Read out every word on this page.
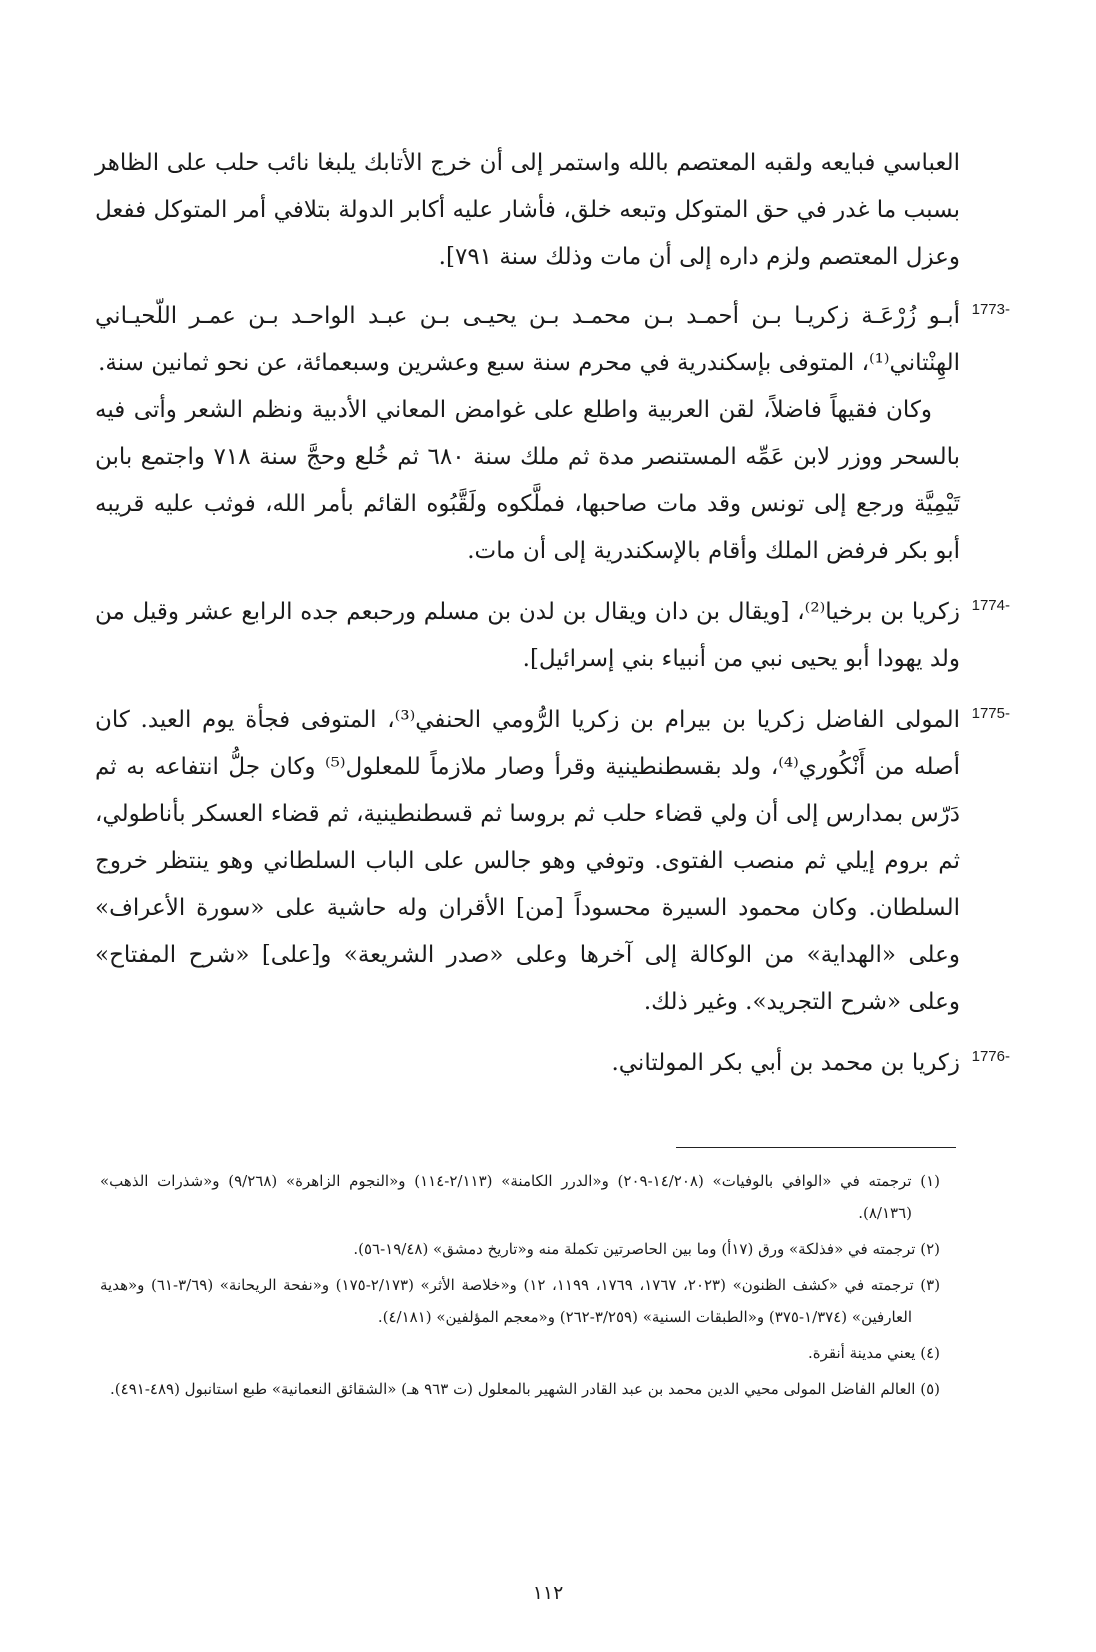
العباسي فبايعه ولقبه المعتصم بالله واستمر إلى أن خرج الأتابك يلبغا نائب حلب على الظاهر بسبب ما غدر في حق المتوكل وتبعه خلق، فأشار عليه أكابر الدولة بتلافي أمر المتوكل ففعل وعزل المعتصم ولزم داره إلى أن مات وذلك سنة ٧٩١].

1773-

أبـو زُرْعَـة زكريـا بـن أحمـد بـن محمـد بـن يحيـى بـن عبـد الواحـد بـن عمـر اللّحيـاني الهِنْتاني⁽¹⁾، المتوفى بإسكندرية في محرم سنة سبع وعشرين وسبعمائة، عن نحو ثمانين سنة.

وكان فقيهاً فاضلاً، لقن العربية واطلع على غوامض المعاني الأدبية ونظم الشعر وأتى فيه بالسحر ووزر لابن عَمِّه المستنصر مدة ثم ملك سنة ٦٨٠ ثم خُلع وحجَّ سنة ٧١٨ واجتمع بابن تَيْمِيَّة ورجع إلى تونس وقد مات صاحبها، فملَّكوه ولَقَّبُوه القائم بأمر الله، فوثب عليه قريبه أبو بكر فرفض الملك وأقام بالإسكندرية إلى أن مات.

1774-

زكريا بن برخيا⁽²⁾، [ويقال بن دان ويقال بن لدن بن مسلم ورحبعم جده الرابع عشر وقيل من ولد يهودا أبو يحيى نبي من أنبياء بني إسرائيل].

1775-

المولى الفاضل زكريا بن بيرام بن زكريا الرُّومي الحنفي⁽³⁾، المتوفى فجأة يوم العيد. كان أصله من أَنْكُوري⁽⁴⁾، ولد بقسطنطينية وقرأ وصار ملازماً للمعلول⁽⁵⁾ وكان جلُّ انتفاعه به ثم دَرّس بمدارس إلى أن ولي قضاء حلب ثم بروسا ثم قسطنطينية، ثم قضاء العسكر بأناطولي، ثم بروم إيلي ثم منصب الفتوى. وتوفي وهو جالس على الباب السلطاني وهو ينتظر خروج السلطان. وكان محمود السيرة محسوداً [من] الأقران وله حاشية على «سورة الأعراف» وعلى «الهداية» من الوكالة إلى آخرها وعلى «صدر الشريعة» و[على] «شرح المفتاح» وعلى «شرح التجريد». وغير ذلك.

1776-

زكريا بن محمد بن أبي بكر المولتاني.

(١) ترجمته في «الوافي بالوفيات» (١٤/٢٠٨-٢٠٩) و«الدرر الكامنة» (٢/١١٣-١١٤) و«النجوم الزاهرة» (٩/٢٦٨) و«شذرات الذهب» (٨/١٣٦).

(٢) ترجمته في «فذلكة» ورق (١٧أ) وما بين الحاصرتين تكملة منه و«تاريخ دمشق» (١٩/٤٨-٥٦).

(٣) ترجمته في «كشف الظنون» (٢٠٢٣، ١٧٦٧، ١٧٦٩، ١١٩٩، ١٢) و«خلاصة الأثر» (٢/١٧٣-١٧٥) و«نفحة الريحانة» (٣/٦٩-٦١) و«هدية العارفين» (١/٣٧٤-٣٧٥) و«الطبقات السنية» (٣/٢٥٩-٢٦٢) و«معجم المؤلفين» (٤/١٨١).

(٤) يعني مدينة أنقرة.

(٥) العالم الفاضل المولى محيي الدين محمد بن عبد القادر الشهير بالمعلول (ت ٩٦٣ هـ) «الشقائق النعمانية» طبع استانبول (٤٨٩-٤٩١).

١١٢
